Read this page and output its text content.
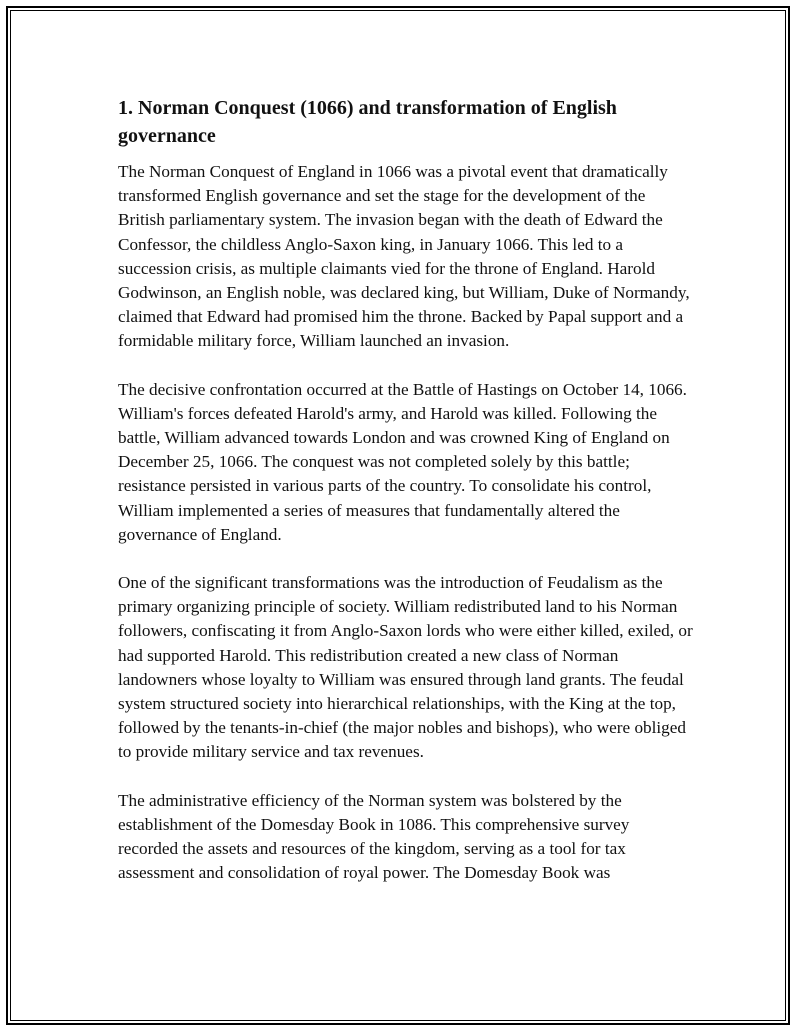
1. Norman Conquest (1066) and transformation of English governance

The Norman Conquest of England in 1066 was a pivotal event that dramatically transformed English governance and set the stage for the development of the British parliamentary system. The invasion began with the death of Edward the Confessor, the childless Anglo-Saxon king, in January 1066. This led to a succession crisis, as multiple claimants vied for the throne of England. Harold Godwinson, an English noble, was declared king, but William, Duke of Normandy, claimed that Edward had promised him the throne. Backed by Papal support and a formidable military force, William launched an invasion.

The decisive confrontation occurred at the Battle of Hastings on October 14, 1066. William's forces defeated Harold's army, and Harold was killed. Following the battle, William advanced towards London and was crowned King of England on December 25, 1066. The conquest was not completed solely by this battle; resistance persisted in various parts of the country. To consolidate his control, William implemented a series of measures that fundamentally altered the governance of England.

One of the significant transformations was the introduction of Feudalism as the primary organizing principle of society. William redistributed land to his Norman followers, confiscating it from Anglo-Saxon lords who were either killed, exiled, or had supported Harold. This redistribution created a new class of Norman landowners whose loyalty to William was ensured through land grants. The feudal system structured society into hierarchical relationships, with the King at the top, followed by the tenants-in-chief (the major nobles and bishops), who were obliged to provide military service and tax revenues.

The administrative efficiency of the Norman system was bolstered by the establishment of the Domesday Book in 1086. This comprehensive survey recorded the assets and resources of the kingdom, serving as a tool for tax assessment and consolidation of royal power. The Domesday Book was
